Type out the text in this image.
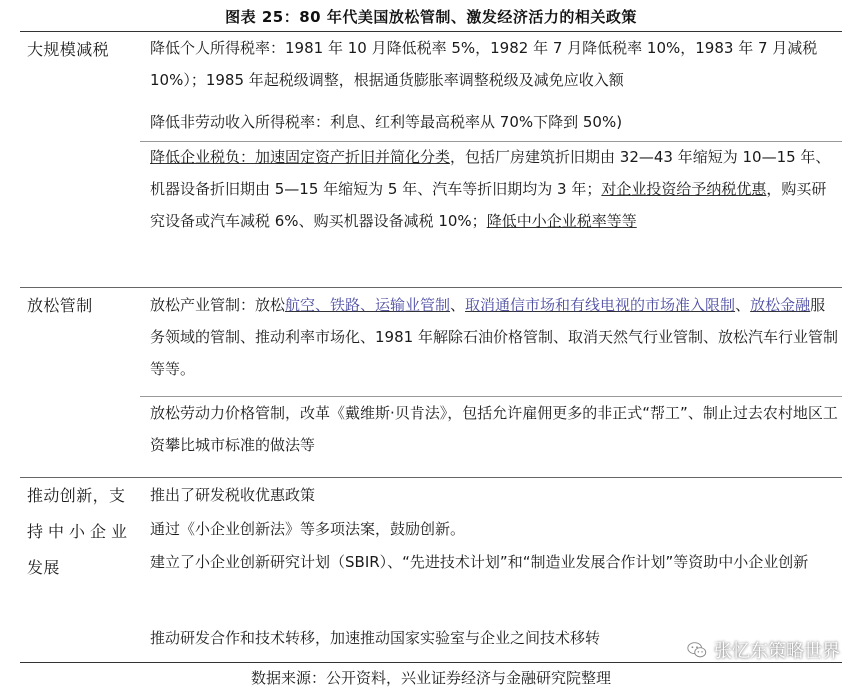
图表 25：80 年代美国放松管制、激发经济活力的相关政策
大规模减税	降低个人所得税率：1981 年 10 月降低税率 5%，1982 年 7 月降低税率 10%，1983 年 7 月减税 10%）；1985 年起税级调整，根据通货膨胀率调整税级及减免应收入额

降低非劳动收入所得税率：利息、红利等最高税率从 70%下降到 50%)

降低企业税负：加速固定资产折旧并简化分类，包括厂房建筑折旧期由 32—43 年缩短为 10—15 年、机器设备折旧期由 5—15 年缩短为 5 年、汽车等折旧期均为 3 年；对企业投资给予纳税优惠，购买研究设备或汽车减税 6%、购买机器设备减税 10%；降低中小企业税率等等

放松管制	放松产业管制：放松航空、铁路、运输业管制、取消通信市场和有线电视的市场准入限制、放松金融服务领域的管制、推动利率市场化、1981 年解除石油价格管制、取消天然气行业管制、放松汽车行业管制等等。

放松劳动力价格管制，改革《戴维斯·贝肯法》，包括允许雇佣更多的非正式“帮工”、制止过去农村地区工资攀比城市标准的做法等

推动创新，支
持中小企业
发展

推出了研发税收优惠政策

通过《小企业创新法》等多项法案，鼓励创新。

建立了小企业创新研究计划（SBIR）、“先进技术计划”和“制造业发展合作计划”等资助中小企业创新

推动研发合作和技术转移，加速推动国家实验室与企业之间技术移转

数据来源：公开资料，兴业证券经济与金融研究院整理
张忆东策略世界
